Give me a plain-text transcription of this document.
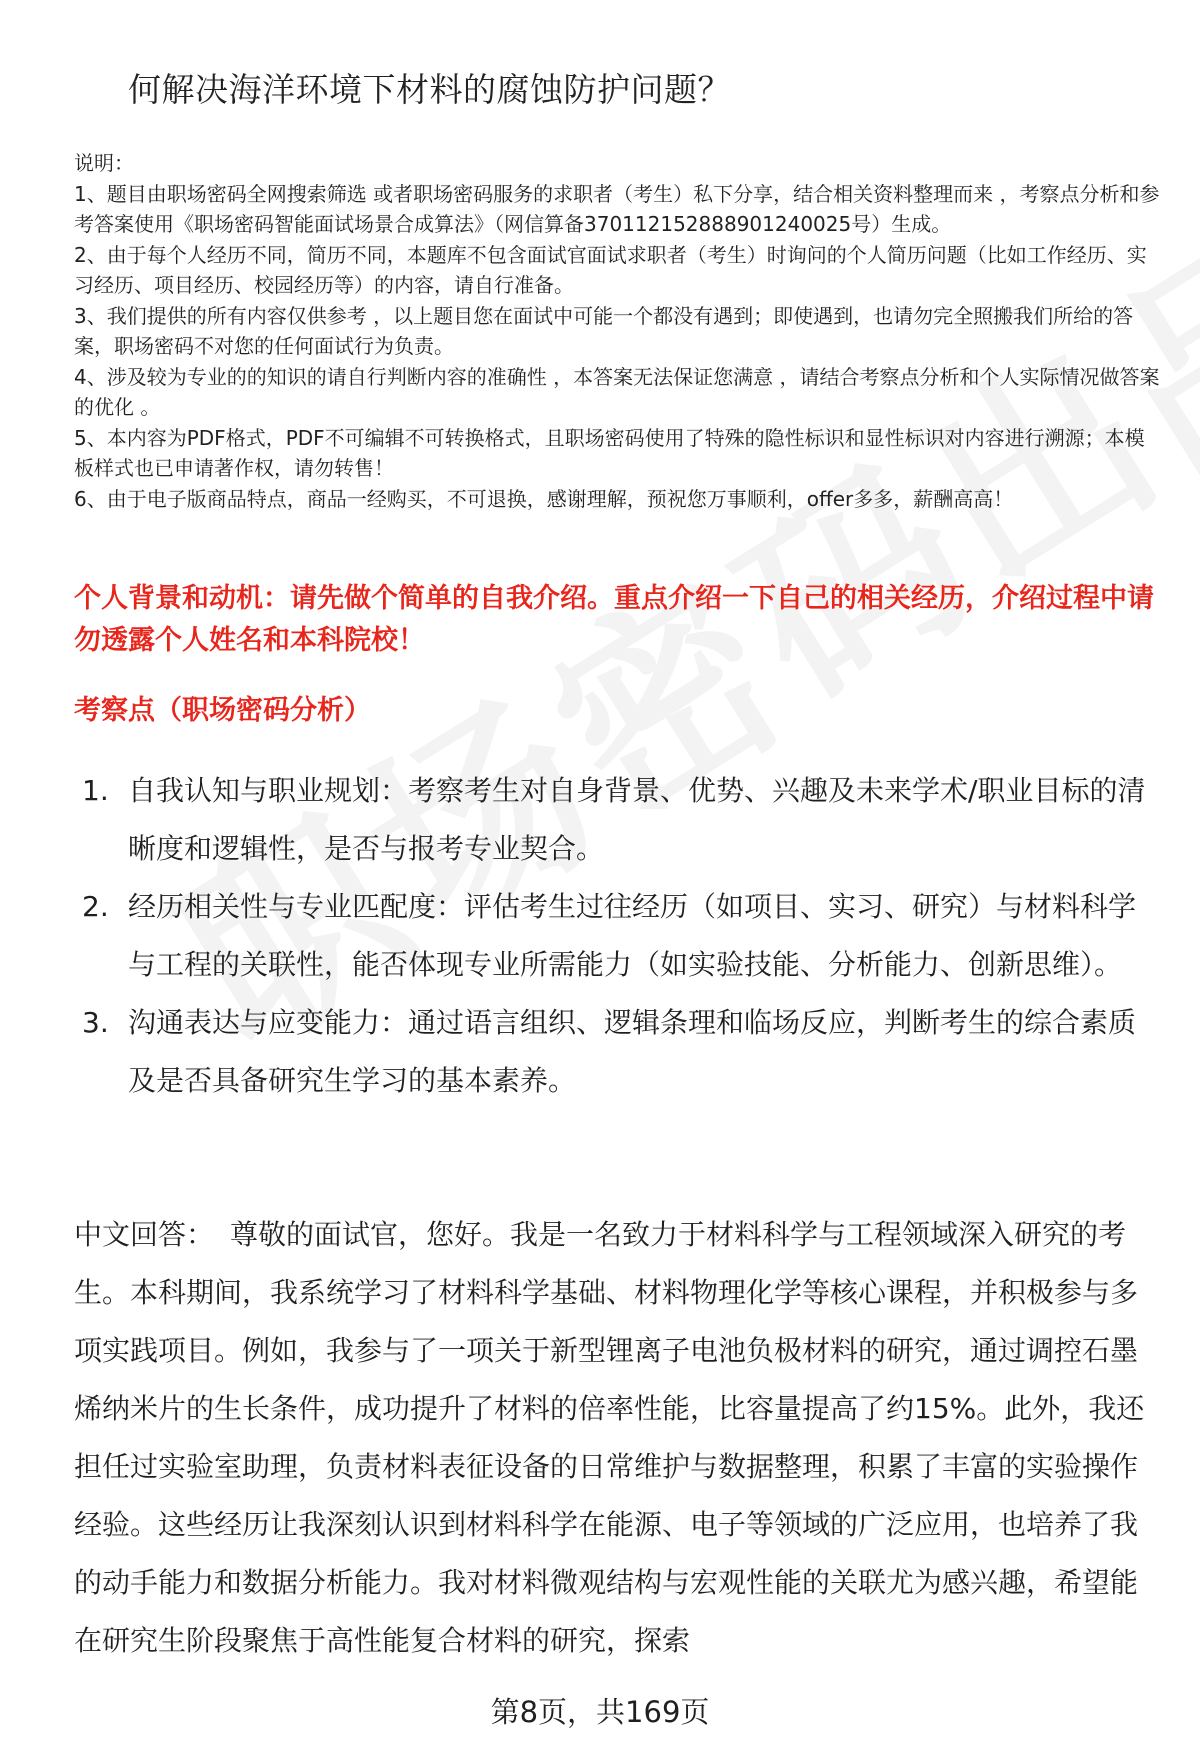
何解决海洋环境下材料的腐蚀防护问题？
说明：
1、题目由职场密码全网搜索筛选 或者职场密码服务的求职者（考生）私下分享，结合相关资料整理而来 ，考察点分析和参考答案使用《职场密码智能面试场景合成算法》（网信算备370112152888901240025号）生成。
2、由于每个人经历不同，简历不同，本题库不包含面试官面试求职者（考生）时询问的个人简历问题（比如工作经历、实习经历、项目经历、校园经历等）的内容，请自行准备。
3、我们提供的所有内容仅供参考 ，以上题目您在面试中可能一个都没有遇到；即使遇到，也请勿完全照搬我们所给的答案，职场密码不对您的任何面试行为负责。
4、涉及较为专业的的知识的请自行判断内容的准确性 ，本答案无法保证您满意 ，请结合考察点分析和个人实际情况做答案的优化 。
5、本内容为PDF格式，PDF不可编辑不可转换格式，且职场密码使用了特殊的隐性标识和显性标识对内容进行溯源；本模板样式也已申请著作权，请勿转售！
6、由于电子版商品特点，商品一经购买，不可退换，感谢理解，预祝您万事顺利，offer多多，薪酬高高！
个人背景和动机：请先做个简单的自我介绍。重点介绍一下自己的相关经历，介绍过程中请勿透露个人姓名和本科院校！
考察点（职场密码分析）
1. 自我认知与职业规划：考察考生对自身背景、优势、兴趣及未来学术/职业目标的清晰度和逻辑性，是否与报考专业契合。
2. 经历相关性与专业匹配度：评估考生过往经历（如项目、实习、研究）与材料科学与工程的关联性，能否体现专业所需能力（如实验技能、分析能力、创新思维）。
3. 沟通表达与应变能力：通过语言组织、逻辑条理和临场反应，判断考生的综合素质及是否具备研究生学习的基本素养。
中文回答： 尊敬的面试官，您好。我是一名致力于材料科学与工程领域深入研究的考生。本科期间，我系统学习了材料科学基础、材料物理化学等核心课程，并积极参与多项实践项目。例如，我参与了一项关于新型锂离子电池负极材料的研究，通过调控石墨烯纳米片的生长条件，成功提升了材料的倍率性能，比容量提高了约15%。此外，我还担任过实验室助理，负责材料表征设备的日常维护与数据整理，积累了丰富的实验操作经验。这些经历让我深刻认识到材料科学在能源、电子等领域的广泛应用，也培养了我的动手能力和数据分析能力。我对材料微观结构与宏观性能的关联尤为感兴趣，希望能在研究生阶段聚焦于高性能复合材料的研究，探索
第8页，共169页
